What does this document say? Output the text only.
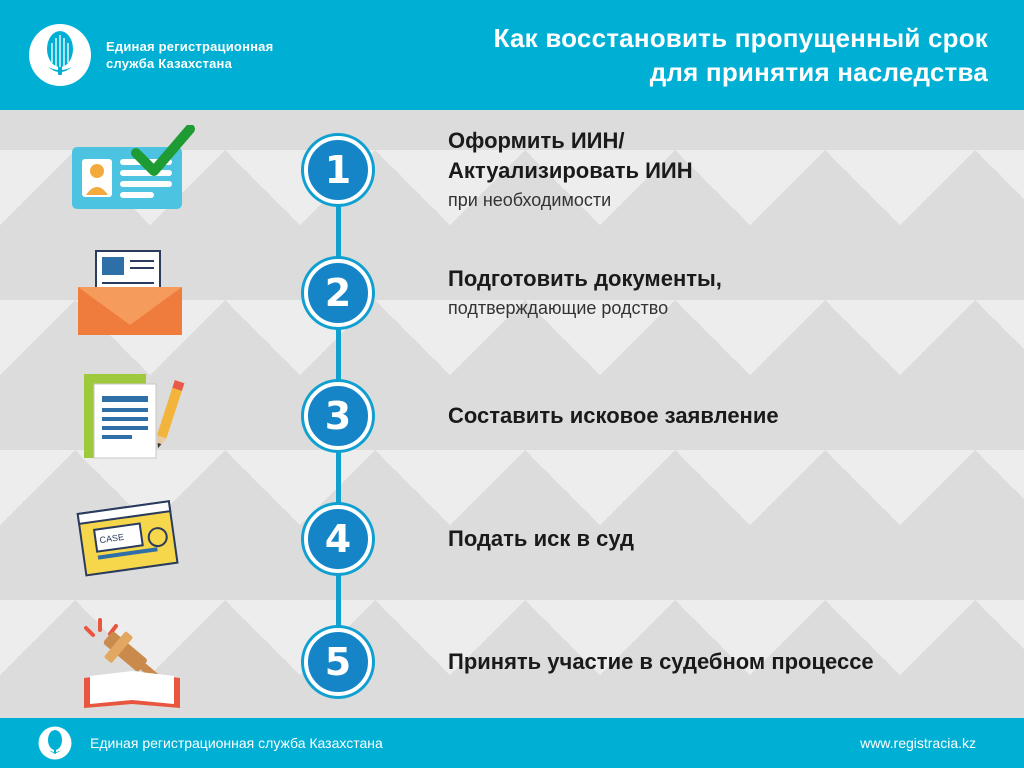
Единая регистрационная
служба Казахстана
Как восстановить пропущенный срок
для принятия наследства
1
Оформить ИИН/
Актуализировать ИИН
при необходимости
2	Подготовить документы,
подтверждающие родство
3	Составить исковое заявление
CASE	4	Подать иск в суд
5	Принять участие в судебном процессе
Единая регистрационная служба Казахстана	www.registracia.kz
